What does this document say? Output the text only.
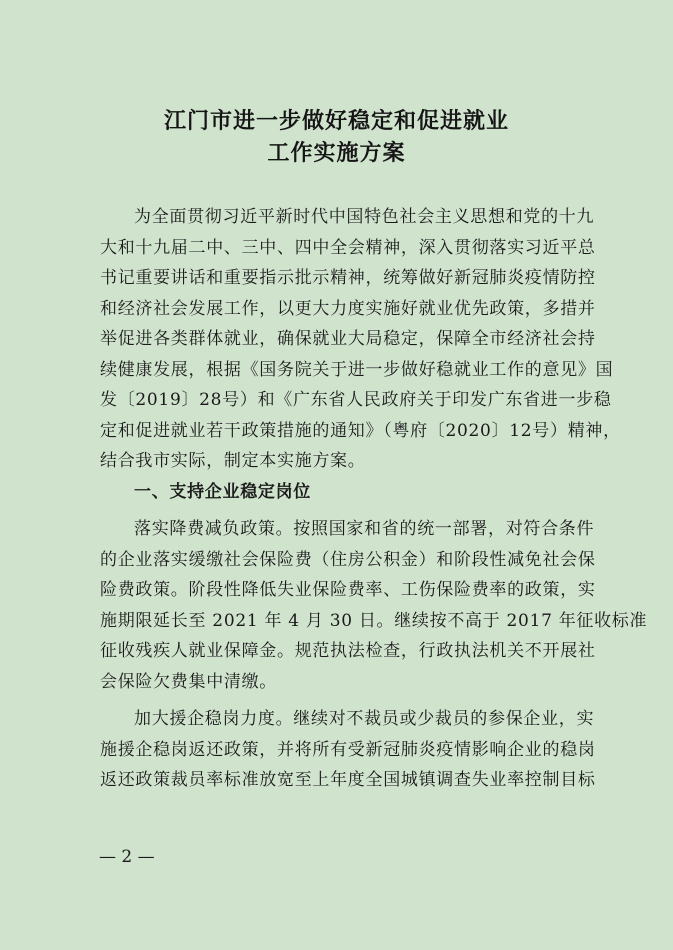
江门市进一步做好稳定和促进就业
工作实施方案
为全面贯彻习近平新时代中国特色社会主义思想和党的十九
大和十九届二中、三中、四中全会精神，深入贯彻落实习近平总
书记重要讲话和重要指示批示精神，统筹做好新冠肺炎疫情防控
和经济社会发展工作，以更大力度实施好就业优先政策，多措并
举促进各类群体就业，确保就业大局稳定，保障全市经济社会持
续健康发展，根据《国务院关于进一步做好稳就业工作的意见》国
发〔2019〕28号）和《广东省人民政府关于印发广东省进一步稳
定和促进就业若干政策措施的通知》（粤府〔2020〕12号）精神，
结合我市实际，制定本实施方案。
一、支持企业稳定岗位
落实降费减负政策。按照国家和省的统一部署，对符合条件
的企业落实缓缴社会保险费（住房公积金）和阶段性减免社会保
险费政策。阶段性降低失业保险费率、工伤保险费率的政策，实
施期限延长至 2021 年 4 月 30 日。继续按不高于 2017 年征收标准
征收残疾人就业保障金。规范执法检查，行政执法机关不开展社
会保险欠费集中清缴。
加大援企稳岗力度。继续对不裁员或少裁员的参保企业，实
施援企稳岗返还政策，并将所有受新冠肺炎疫情影响企业的稳岗
返还政策裁员率标准放宽至上年度全国城镇调查失业率控制目标
— 2 —
